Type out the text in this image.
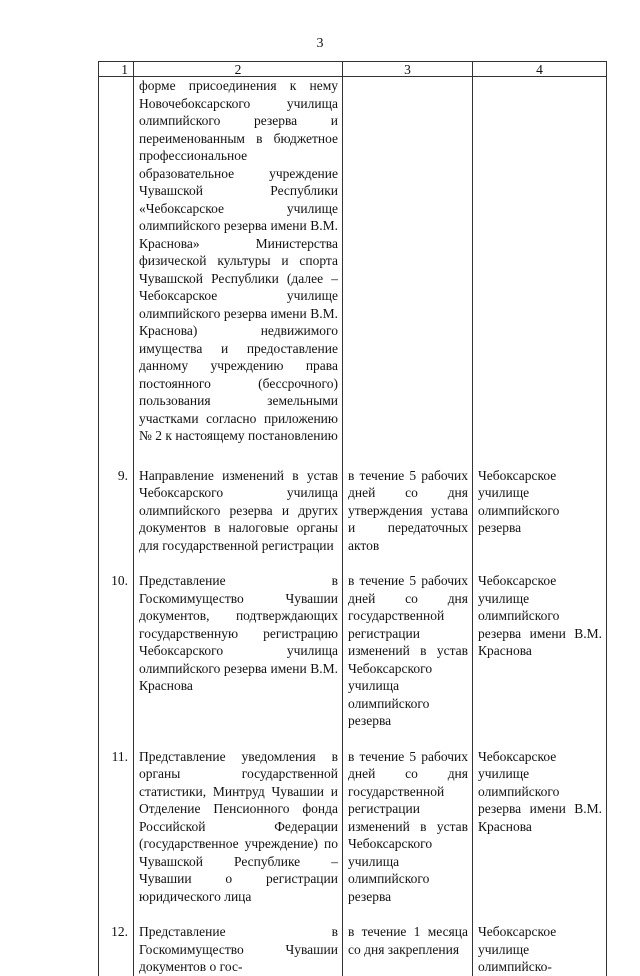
3
1	2	3	4

	форме присоединения к нему Новочебоксарского училища олимпийского резерва и переименованным в бюджетное профессиональное образовательное учреждение Чувашской Республики «Чебоксарское училище олимпийского резерва имени В.М. Краснова» Министерства физической культуры и спорта Чувашской Республики (далее – Чебоксарское училище олимпийского резерва имени В.М. Краснова) недвижимого имущества и предоставление данному учреждению права постоянного (бессрочного) пользования земельными участками согласно приложению № 2 к настоящему постановлению		

9.	Направление изменений в устав Чебоксарского училища олимпийского резерва и других документов в налоговые органы для государственной регистрации	в течение 5 рабочих дней со дня утверждения устава и передаточных актов	Чебоксарское училище олимпийского резерва

10.	Представление в Госкомимущество Чувашии документов, подтверждающих государственную регистрацию Чебоксарского училища олимпийского резерва имени В.М. Краснова	в течение 5 рабочих дней со дня государственной регистрации изменений в устав Чебоксарского училища олимпийского резерва	Чебоксарское училище олимпийского резерва имени В.М. Краснова

11.	Представление уведомления в органы государственной статистики, Минтруд Чувашии и Отделение Пенсионного фонда Российской Федерации (государственное учреждение) по Чувашской Республике – Чувашии о регистрации юридического лица	в течение 5 рабочих дней со дня государственной регистрации изменений в устав Чебоксарского училища олимпийского резерва	Чебоксарское училище олимпийского резерва имени В.М. Краснова

12.	Представление в Госкомимущество Чувашии документов о гос-	в течение 1 месяца со дня закрепления	Чебоксарское училище олимпийско-
